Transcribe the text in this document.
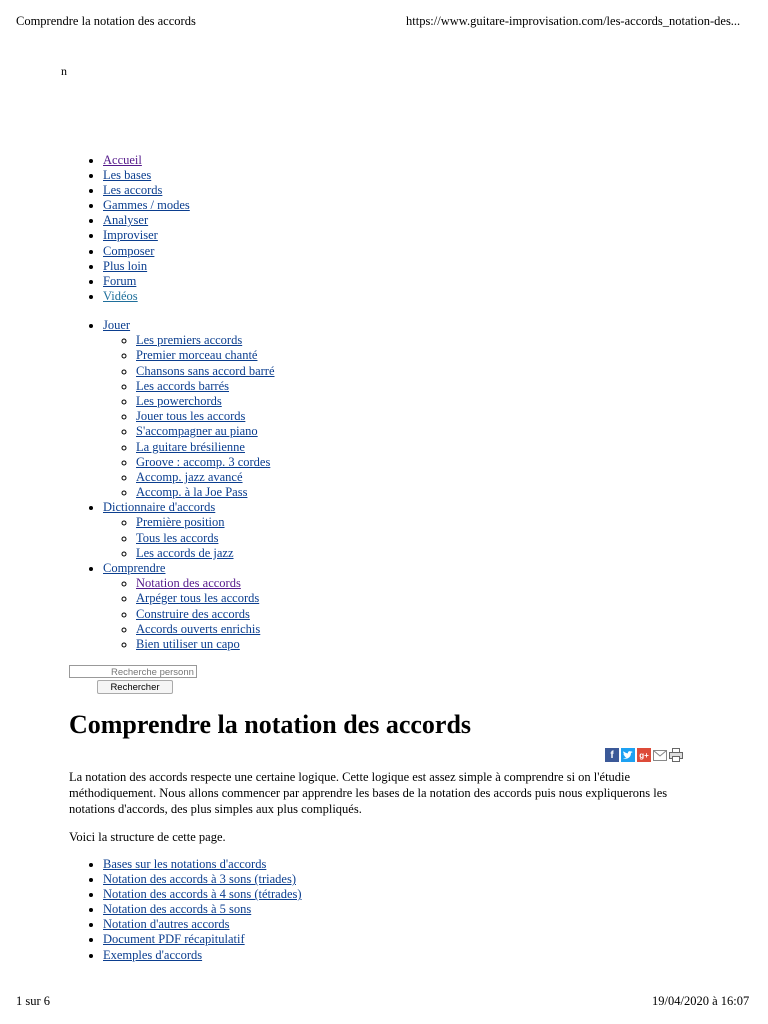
Comprendre la notation des accords	https://www.guitare-improvisation.com/les-accords_notation-des...
n
• Accueil
• Les bases
• Les accords
• Gammes / modes
• Analyser
• Improviser
• Composer
• Plus loin
• Forum
• Vidéos
• Jouer
◦ Les premiers accords
◦ Premier morceau chanté
◦ Chansons sans accord barré
◦ Les accords barrés
◦ Les powerchords
◦ Jouer tous les accords
◦ S'accompagner au piano
◦ La guitare brésilienne
◦ Groove : accomp. 3 cordes
◦ Accomp. jazz avancé
◦ Accomp. à la Joe Pass
• Dictionnaire d'accords
◦ Première position
◦ Tous les accords
◦ Les accords de jazz
• Comprendre
◦ Notation des accords
◦ Arpéger tous les accords
◦ Construire des accords
◦ Accords ouverts enrichis
◦ Bien utiliser un capo
Recherche personn
Rechercher
Comprendre la notation des accords
f	g+

La notation des accords respecte une certaine logique. Cette logique est assez simple à comprendre si on l'étudie méthodiquement. Nous allons commencer par apprendre les bases de la notation des accords puis nous expliquerons les notations d'accords, des plus simples aux plus compliqués.

Voici la structure de cette page.

• Bases sur les notations d'accords
• Notation des accords à 3 sons (triades)
• Notation des accords à 4 sons (tétrades)
• Notation des accords à 5 sons
• Notation d'autres accords
• Document PDF récapitulatif
• Exemples d'accords
1 sur 6	19/04/2020 à 16:07
